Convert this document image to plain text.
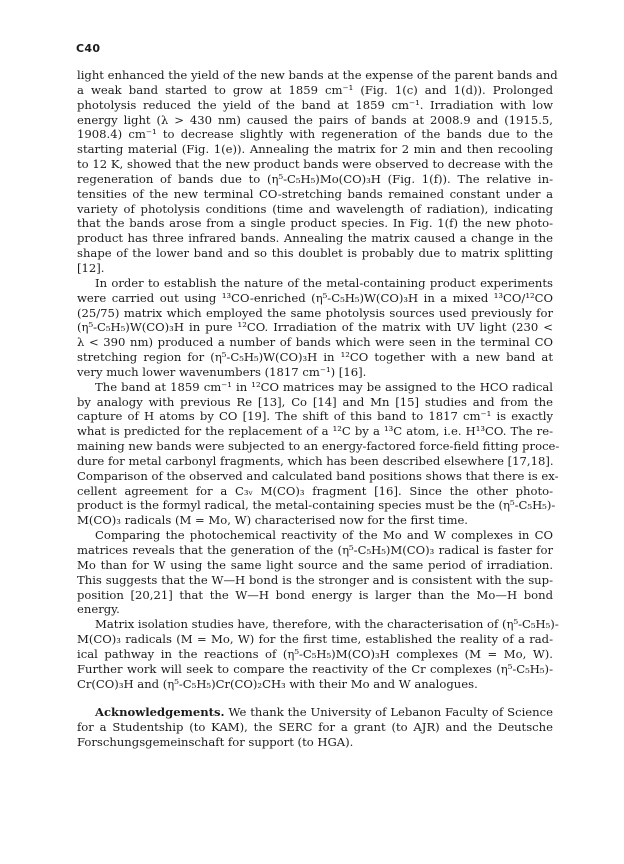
C40
light enhanced the yield of the new bands at the expense of the parent bands and
a weak band started to grow at 1859 cm⁻¹ (Fig. 1(c) and 1(d)). Prolonged
photolysis reduced the yield of the band at 1859 cm⁻¹. Irradiation with low
energy light (λ > 430 nm) caused the pairs of bands at 2008.9 and (1915.5,
1908.4) cm⁻¹ to decrease slightly with regeneration of the bands due to the
starting material (Fig. 1(e)). Annealing the matrix for 2 min and then recooling
to 12 K, showed that the new product bands were observed to decrease with the
regeneration of bands due to (η⁵-C₅H₅)Mo(CO)₃H (Fig. 1(f)). The relative in-
tensities of the new terminal CO-stretching bands remained constant under a
variety of photolysis conditions (time and wavelength of radiation), indicating
that the bands arose from a single product species. In Fig. 1(f) the new photo-
product has three infrared bands. Annealing the matrix caused a change in the
shape of the lower band and so this doublet is probably due to matrix splitting
[12].
In order to establish the nature of the metal-containing product experiments
were carried out using ¹³CO-enriched (η⁵-C₅H₅)W(CO)₃H in a mixed ¹³CO/¹²CO
(25/75) matrix which employed the same photolysis sources used previously for
(η⁵-C₅H₅)W(CO)₃H in pure ¹²CO. Irradiation of the matrix with UV light (230 <
λ < 390 nm) produced a number of bands which were seen in the terminal CO
stretching region for (η⁵-C₅H₅)W(CO)₃H in ¹²CO together with a new band at
very much lower wavenumbers (1817 cm⁻¹) [16].
The band at 1859 cm⁻¹ in ¹²CO matrices may be assigned to the HCO radical
by analogy with previous Re [13], Co [14] and Mn [15] studies and from the
capture of H atoms by CO [19]. The shift of this band to 1817 cm⁻¹ is exactly
what is predicted for the replacement of a ¹²C by a ¹³C atom, i.e. H¹³CO. The re-
maining new bands were subjected to an energy-factored force-field fitting proce-
dure for metal carbonyl fragments, which has been described elsewhere [17,18].
Comparison of the observed and calculated band positions shows that there is ex-
cellent agreement for a C₃ᵥ M(CO)₃ fragment [16]. Since the other photo-
product is the formyl radical, the metal-containing species must be the (η⁵-C₅H₅)-
M(CO)₃ radicals (M = Mo, W) characterised now for the first time.
Comparing the photochemical reactivity of the Mo and W complexes in CO
matrices reveals that the generation of the (η⁵-C₅H₅)M(CO)₃ radical is faster for
Mo than for W using the same light source and the same period of irradiation.
This suggests that the W—H bond is the stronger and is consistent with the sup-
position [20,21] that the W—H bond energy is larger than the Mo—H bond
energy.
Matrix isolation studies have, therefore, with the characterisation of (η⁵-C₅H₅)-
M(CO)₃ radicals (M = Mo, W) for the first time, established the reality of a rad-
ical pathway in the reactions of (η⁵-C₅H₅)M(CO)₃H complexes (M = Mo, W).
Further work will seek to compare the reactivity of the Cr complexes (η⁵-C₅H₅)-
Cr(CO)₃H and (η⁵-C₅H₅)Cr(CO)₂CH₃ with their Mo and W analogues.
Acknowledgements. We thank the University of Lebanon Faculty of Science
for a Studentship (to KAM), the SERC for a grant (to AJR) and the Deutsche
Forschungsgemeinschaft for support (to HGA).
